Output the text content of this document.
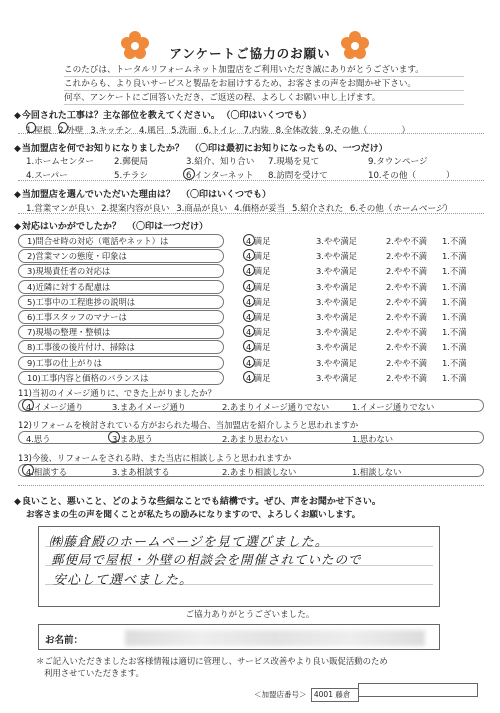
アンケートご協力のお願い
このたびは、トータルリフォームネット加盟店をご利用いただき誠にありがとうございます。
これからも、より良いサービスと製品をお届けするため、お客さまの声をお聞かせ下さい。
何卒、アンケートにご回答いただき、ご返送の程、よろしくお願い申し上げます。
◆今回された工事は？主な部位を教えてください。 （〇印はいくつでも）
1.屋根 2.外壁 3.キッチン 4.風呂 5.洗面 6.トイレ 7.内装 8.全体改装 9.その他（	）
◆当加盟店を何でお知りになりましたか？ （〇印は最初にお知りになったもの、一つだけ）
1.ホームセンター 2.郵便局	3.紹介、知り合い 7.現場を見て	9.タウンページ
4.スーパー	5.チラシ	6.インターネット 8.訪問を受けて	10.その他（	）
◆当加盟店を選んでいただいた理由は？ （〇印はいくつでも）
1.営業マンが良い 2.提案内容が良い 3.商品が良い 4.価格が妥当 5.紹介された 6.その他（ホームページ）
◆対応はいかがでしたか？ （〇印は一つだけ）
1)問合せ時の対応（電話やネット）は	4.満足	3.やや満足	2.やや不満 1.不満
2)営業マンの態度・印象は	4.満足	3.やや満足	2.やや不満 1.不満
3)現場責任者の対応は	4.満足	3.やや満足	2.やや不満 1.不満
4)近隣に対する配慮は	4.満足	3.やや満足	2.やや不満 1.不満
5)工事中の工程進捗の説明は	4.満足	3.やや満足	2.やや不満 1.不満
6)工事スタッフのマナーは	4.満足	3.やや満足	2.やや不満 1.不満
7)現場の整理・整頓は	4.満足	3.やや満足	2.やや不満 1.不満
8)工事後の後片付け、掃除は	4.満足	3.やや満足	2.やや不満 1.不満
9)工事の仕上がりは	4.満足	3.やや満足	2.やや不満 1.不満
10)工事内容と価格のバランスは	4.満足	3.やや満足	2.やや不満 1.不満
11)当初のイメージ通りに、できた上がりましたか？
4.イメージ通り	3.まあイメージ通り	2.あまりイメージ通りでない	1.イメージ通りでない
12)リフォームを検討されている方がおられた場合、当加盟店を紹介しようと思われますか
4.思う	3.まあ思う	2.あまり思わない	1.思わない
13)今後、リフォームをされる時、また当店に相談しようと思われますか
4.相談する	3.まあ相談する	2.あまり相談しない	1.相談しない
◆良いこと、悪いこと、どのような些細なことでも結構です。ぜひ、声をお聞かせ下さい。
お客さまの生の声を聞くことが私たちの励みになりますので、よろしくお願いします。
㈱藤倉殿のホームページを見て選びました。
郵便局で屋根・外壁の相談会を開催されていたので
安心して選べました。
ご協力ありがとうございました。
お名前：
＊ご記入いただきましたお客様情報は適切に管理し、サービス改善やより良い販促活動のため
利用させていただきます。
＜加盟店番号＞ 4001 藤倉
